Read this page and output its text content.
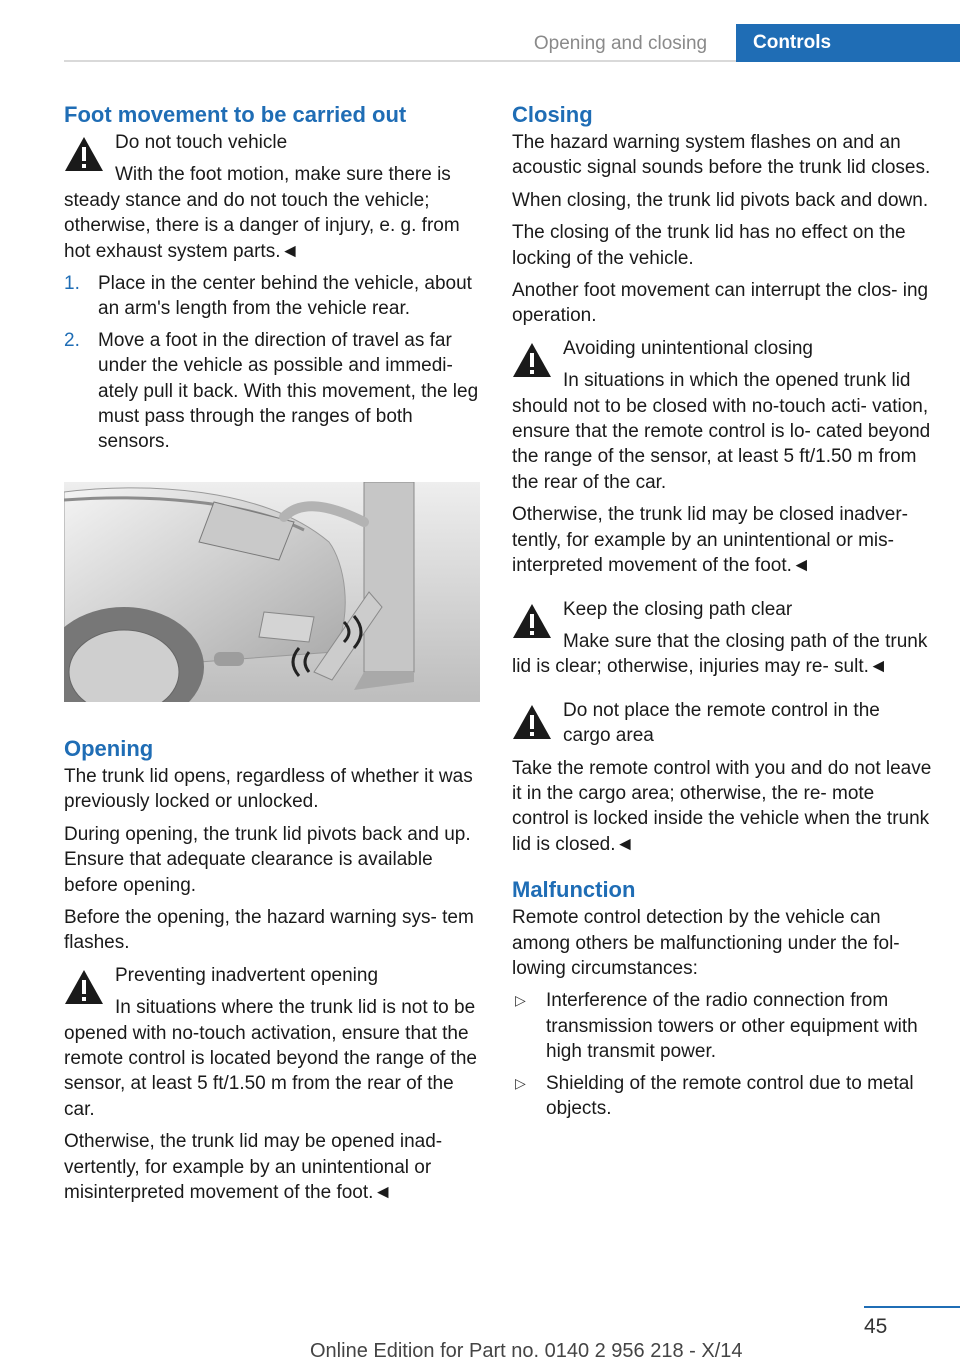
Opening and closing	Controls
Foot movement to be carried out
Do not touch vehicle
With the foot motion, make sure there is steady stance and do not touch the vehicle; otherwise, there is a danger of injury, e. g. from hot exhaust system parts.◄
1. Place in the center behind the vehicle, about an arm's length from the vehicle rear.
2. Move a foot in the direction of travel as far under the vehicle as possible and immedi‐ ately pull it back. With this movement, the leg must pass through the ranges of both sensors.
Opening

The trunk lid opens, regardless of whether it was previously locked or unlocked.

During opening, the trunk lid pivots back and up. Ensure that adequate clearance is available before opening.

Before the opening, the hazard warning sys‐ tem flashes.

Preventing inadvertent opening
In situations where the trunk lid is not to be opened with no-touch activation, ensure that the remote control is located beyond the range of the sensor, at least 5 ft/1.50 m from the rear of the car.

Otherwise, the trunk lid may be opened inad‐ vertently, for example by an unintentional or misinterpreted movement of the foot.◄

Closing

The hazard warning system flashes on and an acoustic signal sounds before the trunk lid closes.

When closing, the trunk lid pivots back and down.

The closing of the trunk lid has no effect on the locking of the vehicle.

Another foot movement can interrupt the clos‐ ing operation.

Avoiding unintentional closing
In situations in which the opened trunk lid should not to be closed with no-touch acti‐ vation, ensure that the remote control is lo‐ cated beyond the range of the sensor, at least 5 ft/1.50 m from the rear of the car.

Otherwise, the trunk lid may be closed inadver‐ tently, for example by an unintentional or mis‐ interpreted movement of the foot.◄

Keep the closing path clear
Make sure that the closing path of the trunk lid is clear; otherwise, injuries may re‐ sult.◄
Do not place the remote control in the cargo area
Take the remote control with you and do not leave it in the cargo area; otherwise, the re‐ mote control is locked inside the vehicle when the trunk lid is closed.◄
Malfunction

Remote control detection by the vehicle can among others be malfunctioning under the fol‐ lowing circumstances:

▷ Interference of the radio connection from transmission towers or other equipment with high transmit power.
▷ Shielding of the remote control due to metal objects.
45
Online Edition for Part no. 0140 2 956 218 - X/14
